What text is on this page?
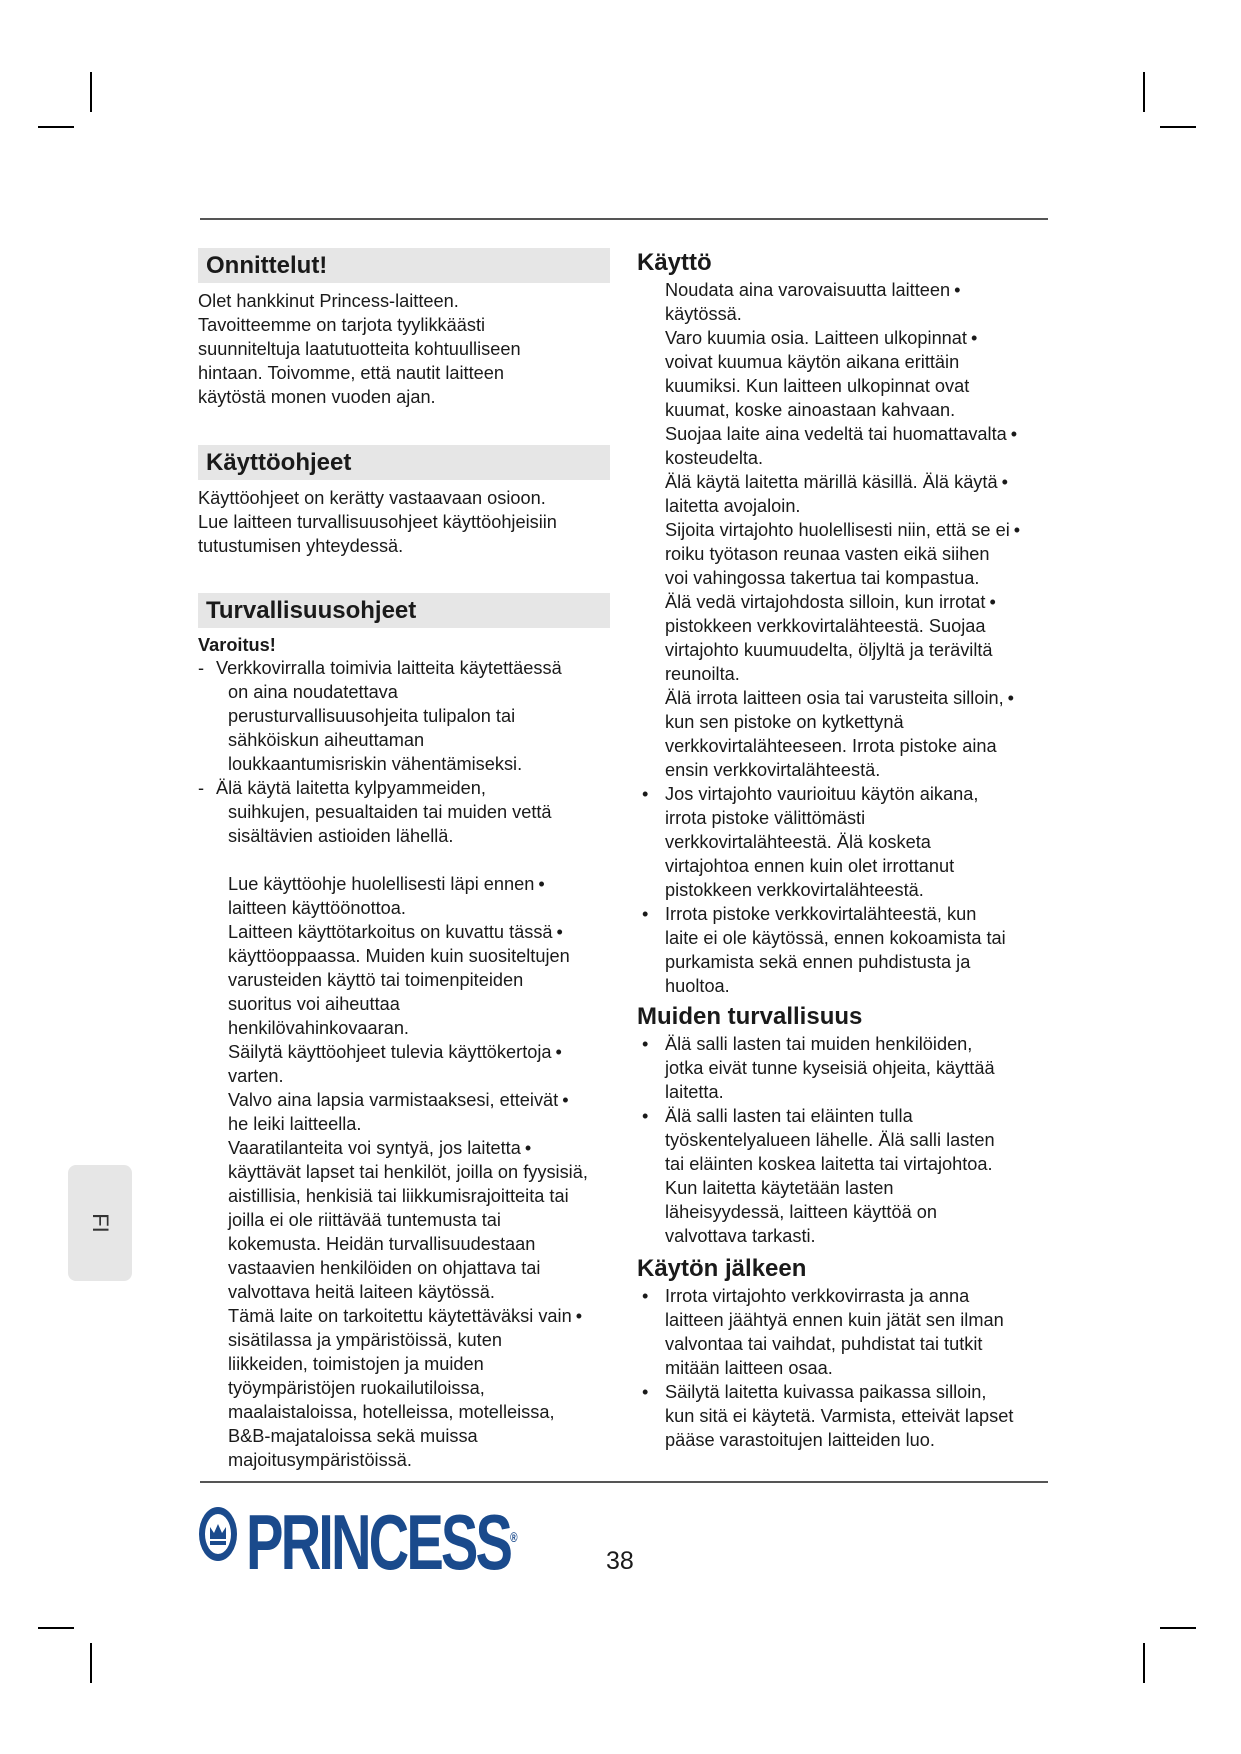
FI
Onnittelut!
Olet hankkinut Princess-laitteen.
Tavoitteemme on tarjota tyylikkäästi
suunniteltuja laatutuotteita kohtuulliseen
hintaan. Toivomme, että nautit laitteen
käytöstä monen vuoden ajan.
Käyttöohjeet
Käyttöohjeet on kerätty vastaavaan osioon.
Lue laitteen turvallisuusohjeet käyttöohjeisiin
tutustumisen yhteydessä.
Turvallisuusohjeet
Varoitus!
- Verkkovirralla toimivia laitteita käytettäessä
on aina noudatettava
perusturvallisuusohjeita tulipalon tai
sähköiskun aiheuttaman
loukkaantumisriskin vähentämiseksi.
- Älä käytä laitetta kylpyammeiden,
suihkujen, pesualtaiden tai muiden vettä
sisältävien astioiden lähellä.
Lue käyttöohje huolellisesti läpi ennen •
laitteen käyttöönottoa.
Laitteen käyttötarkoitus on kuvattu tässä •
käyttöoppaassa. Muiden kuin suositeltujen
varusteiden käyttö tai toimenpiteiden
suoritus voi aiheuttaa
henkilövahinkovaaran.
Säilytä käyttöohjeet tulevia käyttökertoja •
varten.
Valvo aina lapsia varmistaaksesi, etteivät •
he leiki laitteella.
Vaaratilanteita voi syntyä, jos laitetta •
käyttävät lapset tai henkilöt, joilla on fyysisiä,
aistillisia, henkisiä tai liikkumisrajoitteita tai
joilla ei ole riittävää tuntemusta tai
kokemusta. Heidän turvallisuudestaan
vastaavien henkilöiden on ohjattava tai
valvottava heitä laiteen käytössä.
Tämä laite on tarkoitettu käytettäväksi vain •
sisätilassa ja ympäristöissä, kuten
liikkeiden, toimistojen ja muiden
työympäristöjen ruokailutiloissa,
maalaistaloissa, hotelleissa, motelleissa,
B&B-majataloissa sekä muissa
majoitusympäristöissä.
Käyttö
Noudata aina varovaisuutta laitteen •
käytössä.
Varo kuumia osia. Laitteen ulkopinnat •
voivat kuumua käytön aikana erittäin
kuumiksi. Kun laitteen ulkopinnat ovat
kuumat, koske ainoastaan kahvaan.
Suojaa laite aina vedeltä tai huomattavalta •
kosteudelta.
Älä käytä laitetta märillä käsillä. Älä käytä •
laitetta avojaloin.
Sijoita virtajohto huolellisesti niin, että se ei •
roiku työtason reunaa vasten eikä siihen
voi vahingossa takertua tai kompastua.
Älä vedä virtajohdosta silloin, kun irrotat •
pistokkeen verkkovirtalähteestä. Suojaa
virtajohto kuumuudelta, öljyltä ja teräviltä
reunoilta.
Älä irrota laitteen osia tai varusteita silloin, •
kun sen pistoke on kytkettynä
verkkovirtalähteeseen. Irrota pistoke aina
ensin verkkovirtalähteestä.
• Jos virtajohto vaurioituu käytön aikana,
irrota pistoke välittömästi
verkkovirtalähteestä. Älä kosketa
virtajohtoa ennen kuin olet irrottanut
pistokkeen verkkovirtalähteestä.
• Irrota pistoke verkkovirtalähteestä, kun
laite ei ole käytössä, ennen kokoamista tai
purkamista sekä ennen puhdistusta ja
huoltoa.
Muiden turvallisuus
• Älä salli lasten tai muiden henkilöiden,
jotka eivät tunne kyseisiä ohjeita, käyttää
laitetta.
• Älä salli lasten tai eläinten tulla
työskentelyalueen lähelle. Älä salli lasten
tai eläinten koskea laitetta tai virtajohtoa.
Kun laitetta käytetään lasten
läheisyydessä, laitteen käyttöä on
valvottava tarkasti.
Käytön jälkeen
• Irrota virtajohto verkkovirrasta ja anna
laitteen jäähtyä ennen kuin jätät sen ilman
valvontaa tai vaihdat, puhdistat tai tutkit
mitään laitteen osaa.
• Säilytä laitetta kuivassa paikassa silloin,
kun sitä ei käytetä. Varmista, etteivät lapset
pääse varastoitujen laitteiden luo.
PRINCESS®
38
